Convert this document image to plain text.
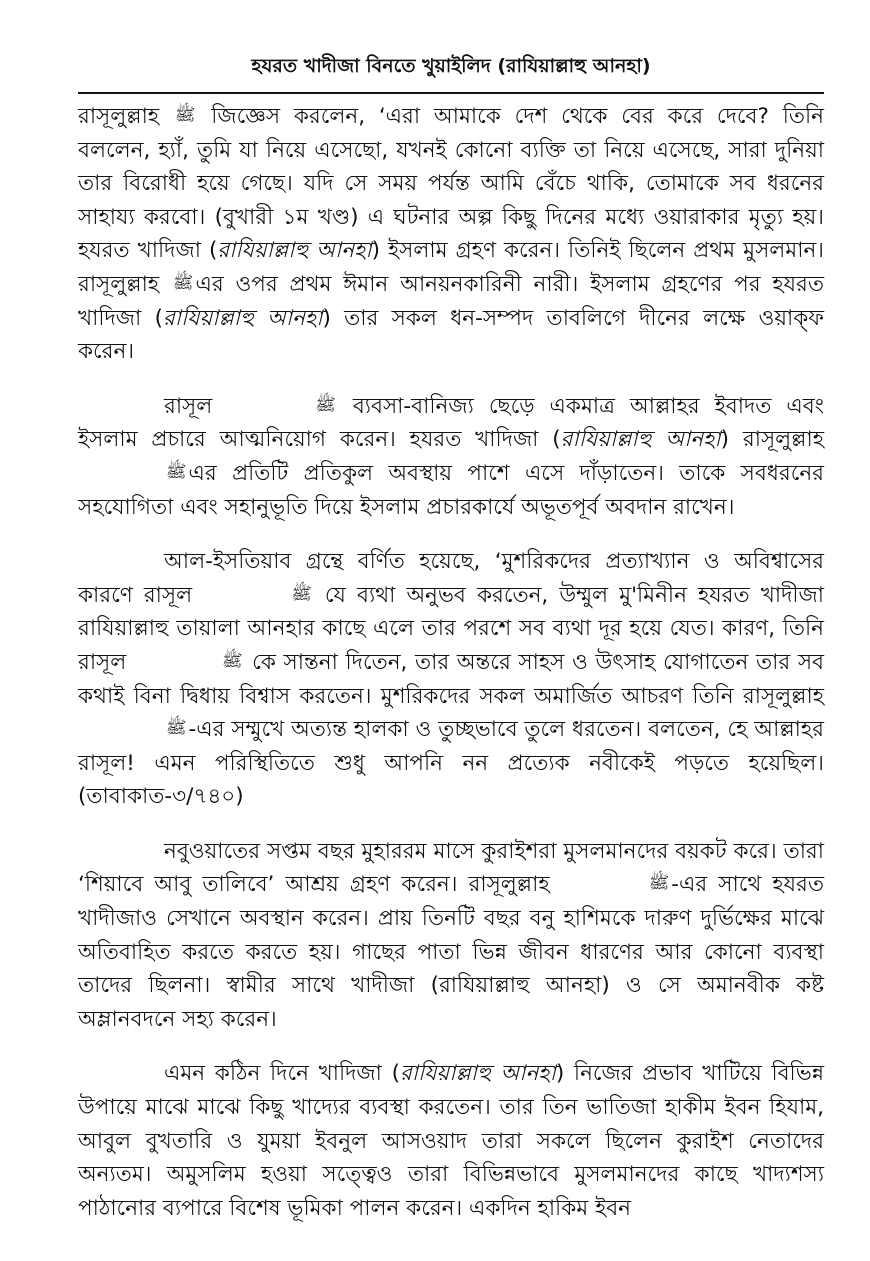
হযরত খাদীজা বিনতে খুয়াইলিদ (রাযিয়াল্লাহু আনহা)

রাসূলুল্লাহ ﷺ জিজ্ঞেস করলেন, ‘এরা আমাকে দেশ থেকে বের করে দেবে? তিনি বললেন, হ্যাঁ, তুমি যা নিয়ে এসেছো, যখনই কোনো ব্যক্তি তা নিয়ে এসেছে, সারা দুনিয়া তার বিরোধী হয়ে গেছে। যদি সে সময় পর্যন্ত আমি বেঁচে থাকি, তোমাকে সব ধরনের সাহায্য করবো। (বুখারী ১ম খণ্ড) এ ঘটনার অল্প কিছু দিনের মধ্যে ওয়ারাকার মৃত্যু হয়। হযরত খাদিজা (রাযিয়াল্লাহু আনহা) ইসলাম গ্রহণ করেন। তিনিই ছিলেন প্রথম মুসলমান। রাসূলুল্লাহ ﷺএর ওপর প্রথম ঈমান আনয়নকারিনী নারী। ইসলাম গ্রহণের পর হযরত খাদিজা (রাযিয়াল্লাহু আনহা) তার সকল ধন-সম্পদ তাবলিগে দীনের লক্ষে ওয়াক্‌ফ করেন।

রাসূল	ﷺ ব্যবসা-বানিজ্য ছেড়ে একমাত্র আল্লাহর ইবাদত এবং ইসলাম প্রচারে আত্মনিয়োগ করেন। হযরত খাদিজা (রাযিয়াল্লাহু আনহা) রাসূলুল্লাহ ﷺএর প্রতিটি প্রতিকুল অবস্থায় পাশে এসে দাঁড়াতেন। তাকে সবধরনের সহযোগিতা এবং সহানুভূতি দিয়ে ইসলাম প্রচারকার্যে অভূতপূর্ব অবদান রাখেন।

আল-ইসতিয়াব গ্রন্থে বর্ণিত হয়েছে, ‘মুশরিকদের প্রত্যাখ্যান ও অবিশ্বাসের কারণে রাসূল	ﷺ যে ব্যথা অনুভব করতেন, উম্মুল মু'মিনীন হযরত খাদীজা রাযিয়াল্লাহু তায়ালা আনহার কাছে এলে তার পরশে সব ব্যথা দূর হয়ে যেত। কারণ, তিনি রাসূল	ﷺ কে সান্তনা দিতেন, তার অন্তরে সাহস ও উৎসাহ যোগাতেন তার সব কথাই বিনা দ্বিধায় বিশ্বাস করতেন। মুশরিকদের সকল অমার্জিত আচরণ তিনি রাসূলুল্লাহ ﷺ-এর সম্মুখে অত্যন্ত হালকা ও তুচ্ছভাবে তুলে ধরতেন। বলতেন, হে আল্লাহর রাসূল! এমন পরিস্থিতিতে শুধু আপনি নন প্রত্যেক নবীকেই পড়তে হয়েছিল। (তাবাকাত-৩/৭৪০)

নবুওয়াতের সপ্তম বছর মুহাররম মাসে কুরাইশরা মুসলমানদের বয়কট করে। তারা ‘শিয়াবে আবু তালিবে’ আশ্রয় গ্রহণ করেন। রাসূলুল্লাহ	ﷺ-এর সাথে হযরত খাদীজাও সেখানে অবস্থান করেন। প্রায় তিনটি বছর বনু হাশিমকে দারুণ দুর্ভিক্ষের মাঝে অতিবাহিত করতে করতে হয়। গাছের পাতা ভিন্ন জীবন ধারণের আর কোনো ব্যবস্থা তাদের ছিলনা। স্বামীর সাথে খাদীজা (রাযিয়াল্লাহু আনহা) ও সে অমানবীক কষ্ট অম্লানবদনে সহ্য করেন।

এমন কঠিন দিনে খাদিজা (রাযিয়াল্লাহু আনহা) নিজের প্রভাব খাটিয়ে বিভিন্ন উপায়ে মাঝে মাঝে কিছু খাদ্যের ব্যবস্থা করতেন। তার তিন ভাতিজা হাকীম ইবন হিযাম, আবুল বুখতারি ও যুময়া ইবনুল আসওয়াদ তারা সকলে ছিলেন কুরাইশ নেতাদের অন্যতম। অমুসলিম হওয়া সত্ত্বেও তারা বিভিন্নভাবে মুসলমানদের কাছে খাদ্যশস্য পাঠানোর ব্যপারে বিশেষ ভূমিকা পালন করেন। একদিন হাকিম ইবন
